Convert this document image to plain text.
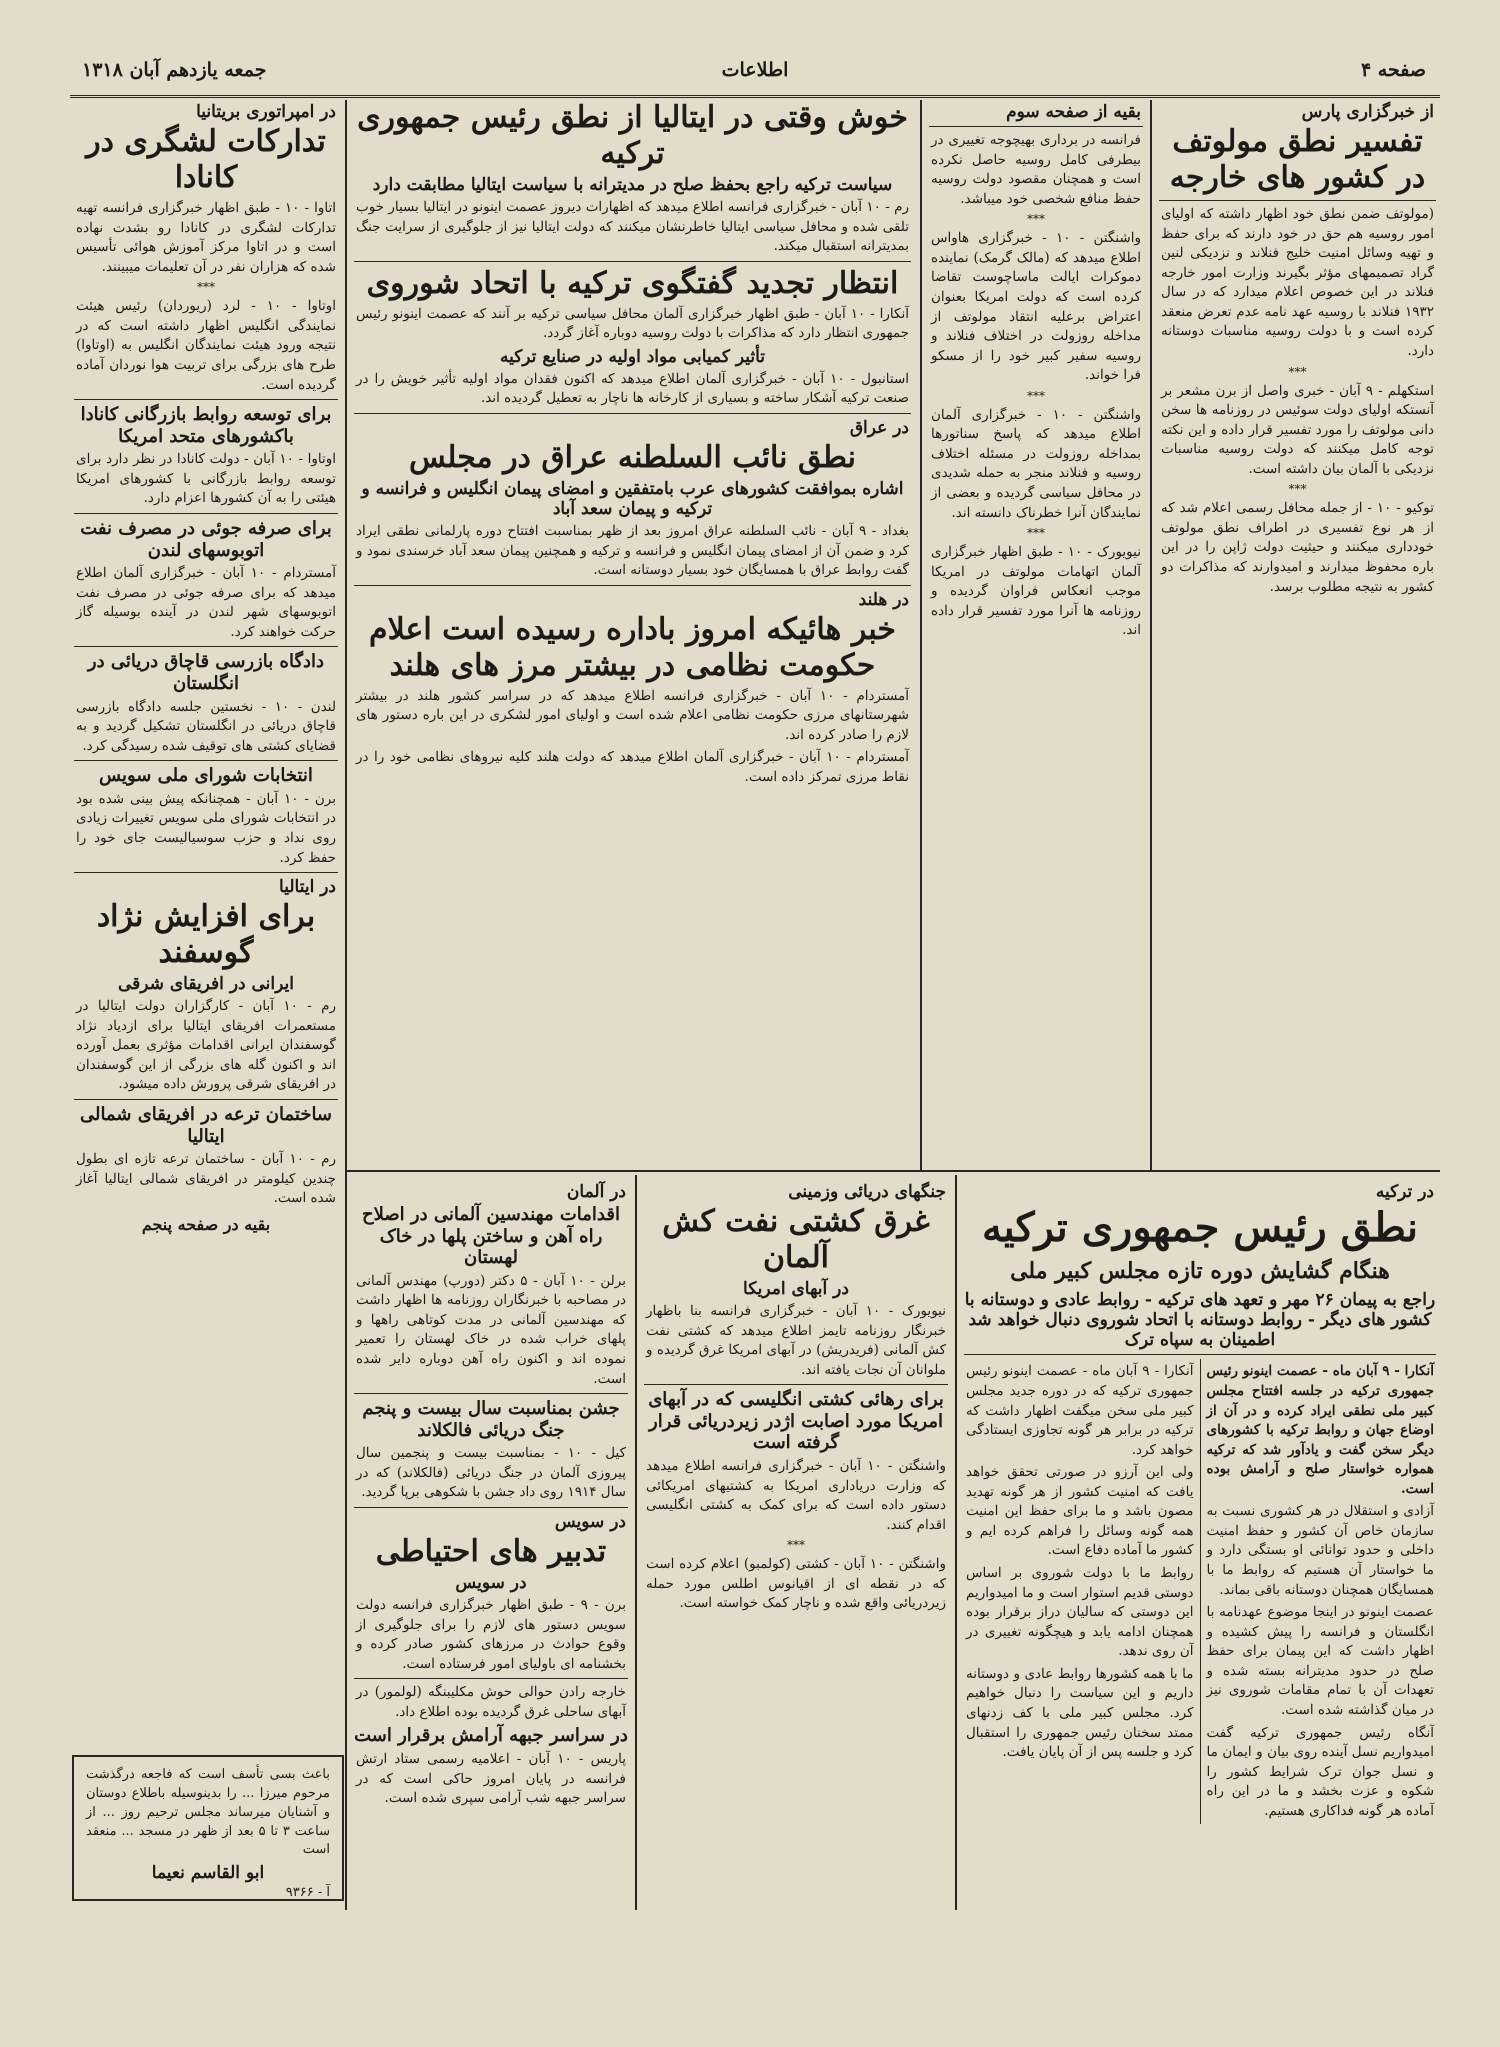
صفحه ۴
اطلاعات
جمعه یازدهم آبان ۱۳۱۸
از خبرگزاری پارس
تفسیر نطق مولوتف در کشور های خارجه

(مولوتف ضمن نطق خود اظهار داشته که اولیای امور روسیه هم حق در خود دارند که برای حفظ و تهیه وسائل امنیت خلیج فنلاند و نزدیکی لنین گراد تصمیمهای مؤثر بگیرند وزارت امور خارجه فنلاند در این خصوص اعلام میدارد که در سال ۱۹۳۲ فنلاند با روسیه عهد نامه عدم تعرض منعقد کرده است و با دولت روسیه مناسبات دوستانه دارد.

***

استکهلم - ۹ آبان - خبری واصل از برن مشعر بر آنستکه اولیای دولت سوئیس در روزنامه ها سخن دانی مولوتف را مورد تفسیر قرار داده و این نکته توجه کامل میکنند که دولت روسیه مناسبات نزدیکی با آلمان بیان داشته است.

***

توکیو - ۱۰ - از جمله محافل رسمی اعلام شد که از هر نوع تفسیری در اطراف نطق مولوتف خودداری میکنند و حیثیت دولت ژاپن را در این باره محفوظ میدارند و امیدوارند که مذاکرات دو کشور به نتیجه مطلوب برسد.

بقیه از صفحه سوم

فرانسه در برداری بهیچوجه تغییری در بیطرفی کامل روسیه حاصل نکرده است و همچنان مقصود دولت روسیه حفظ منافع شخصی خود میباشد.

***

واشنگتن - ۱۰ - خبرگزاری هاواس اطلاع میدهد که (مالک گرمک) نماینده دموکرات ایالت ماساچوست تقاضا کرده است که دولت امریکا بعنوان اعتراض برعلیه انتقاد مولوتف از مداخله روزولت در اختلاف فنلاند و روسیه سفیر کبیر خود را از مسکو فرا خواند.

***

واشنگتن - ۱۰ - خبرگزاری آلمان اطلاع میدهد که پاسخ سناتورها بمداخله روزولت در مسئله اختلاف روسیه و فنلاند منجر به حمله شدیدی در محافل سیاسی گردیده و بعضی از نمایندگان آنرا خطرناک دانسته اند.

***

نیویورک - ۱۰ - طبق اظهار خبرگزاری آلمان اتهامات مولوتف در امریکا موجب انعکاس فراوان گردیده و روزنامه ها آنرا مورد تفسیر قرار داده اند.

در ترکیه
نطق رئیس جمهوری ترکیه
هنگام گشایش دوره تازه مجلس کبیر ملی
راجع به پیمان ۲۶ مهر و تعهد های ترکیه - روابط عادی و دوستانه با کشور های دیگر - روابط دوستانه با اتحاد شوروی دنبال خواهد شد اطمینان به سپاه ترک

آنکارا - ۹ آبان ماه - عصمت اینونو رئیس جمهوری ترکیه در جلسه افتتاح مجلس کبیر ملی نطقی ایراد کرده و در آن از اوضاع جهان و روابط ترکیه با کشورهای دیگر سخن گفت و یادآور شد که ترکیه همواره خواستار صلح و آرامش بوده است.

آزادی و استقلال در هر کشوری نسبت به سازمان خاص آن کشور و حفظ امنیت داخلی و حدود توانائی او بستگی دارد و ما خواستار آن هستیم که روابط ما با همسایگان همچنان دوستانه باقی بماند.

عصمت اینونو در اینجا موضوع عهدنامه با انگلستان و فرانسه را پیش کشیده و اظهار داشت که این پیمان برای حفظ صلح در حدود مدیترانه بسته شده و تعهدات آن با تمام مقامات شوروی نیز در میان گذاشته شده است.

آنگاه رئیس جمهوری ترکیه گفت امیدواریم نسل آینده روی بیان و ایمان ما و نسل جوان ترک شرایط کشور را شکوه و عزت بخشد و ما در این راه آماده هر گونه فداکاری هستیم.

آنکارا - ۹ آبان ماه - عصمت اینونو رئیس جمهوری ترکیه که در دوره جدید مجلس کبیر ملی سخن میگفت اظهار داشت که ترکیه در برابر هر گونه تجاوزی ایستادگی خواهد کرد.

ولی این آرزو در صورتی تحقق خواهد یافت که امنیت کشور از هر گونه تهدید مصون باشد و ما برای حفظ این امنیت همه گونه وسائل را فراهم کرده ایم و کشور ما آماده دفاع است.

روابط ما با دولت شوروی بر اساس دوستی قدیم استوار است و ما امیدواریم این دوستی که سالیان دراز برقرار بوده همچنان ادامه یابد و هیچگونه تغییری در آن روی ندهد.

ما با همه کشورها روابط عادی و دوستانه داریم و این سیاست را دنبال خواهیم کرد. مجلس کبیر ملی با کف زدنهای ممتد سخنان رئیس جمهوری را استقبال کرد و جلسه پس از آن پایان یافت.

خوش وقتی در ایتالیا از نطق رئیس جمهوری ترکیه
سیاست ترکیه راجع بحفظ صلح در مدیترانه با سیاست ایتالیا مطابقت دارد

رم - ۱۰ آبان - خبرگزاری فرانسه اطلاع میدهد که اظهارات دیروز عصمت اینونو در ایتالیا بسیار خوب تلقی شده و محافل سیاسی ایتالیا خاطرنشان میکنند که دولت ایتالیا نیز از جلوگیری از سرایت جنگ بمدیترانه استقبال میکند.

انتظار تجدید گفتگوی ترکیه با اتحاد شوروی

آنکارا - ۱۰ آبان - طبق اظهار خبرگزاری آلمان محافل سیاسی ترکیه بر آنند که عصمت اینونو رئیس جمهوری انتظار دارد که مذاکرات با دولت روسیه دوباره آغاز گردد.

تأثیر کمیابی مواد اولیه در صنایع ترکیه

استانبول - ۱۰ آبان - خبرگزاری آلمان اطلاع میدهد که اکنون فقدان مواد اولیه تأثیر خویش را در صنعت ترکیه آشکار ساخته و بسیاری از کارخانه ها ناچار به تعطیل گردیده اند.

در عراق
نطق نائب السلطنه عراق در مجلس
اشاره بموافقت کشورهای عرب بامتفقین و امضای پیمان انگلیس و فرانسه و ترکیه و پیمان سعد آباد

بغداد - ۹ آبان - نائب السلطنه عراق امروز بعد از ظهر بمناسبت افتتاح دوره پارلمانی نطقی ایراد کرد و ضمن آن از امضای پیمان انگلیس و فرانسه و ترکیه و همچنین پیمان سعد آباد خرسندی نمود و گفت روابط عراق با همسایگان خود بسیار دوستانه است.

در هلند
خبر هائیکه امروز باداره رسیده است اعلام حکومت نظامی در بیشتر مرز های هلند

آمستردام - ۱۰ آبان - خبرگزاری فرانسه اطلاع میدهد که در سراسر کشور هلند در بیشتر شهرستانهای مرزی حکومت نظامی اعلام شده است و اولیای امور لشکری در این باره دستور های لازم را صادر کرده اند.

آمستردام - ۱۰ آبان - خبرگزاری آلمان اطلاع میدهد که دولت هلند کلیه نیروهای نظامی خود را در نقاط مرزی تمرکز داده است.

جنگهای دریائی وزمینی
غرق کشتی نفت کش آلمان
در آبهای امریکا

نیویورک - ۱۰ آبان - خبرگزاری فرانسه بنا باظهار خبرنگار روزنامه تایمز اطلاع میدهد که کشتی نفت کش آلمانی (فریدریش) در آبهای امریکا غرق گردیده و ملوانان آن نجات یافته اند.

برای رهائی کشتی انگلیسی که در آبهای امریکا مورد اصابت اژدر زیردریائی قرار گرفته است

واشنگتن - ۱۰ آبان - خبرگزاری فرانسه اطلاع میدهد که وزارت دریاداری امریکا به کشتیهای امریکائی دستور داده است که برای کمک به کشتی انگلیسی اقدام کنند.

***

واشنگتن - ۱۰ آبان - کشتی (کولمبو) اعلام کرده است که در نقطه ای از اقیانوس اطلس مورد حمله زیردریائی واقع شده و ناچار کمک خواسته است.

در آلمان
اقدامات مهندسین آلمانی در اصلاح راه آهن و ساختن پلها در خاک لهستان

برلن - ۱۰ آبان - ۵ دکتر (دورپ) مهندس آلمانی در مصاحبه با خبرنگاران روزنامه ها اظهار داشت که مهندسین آلمانی در مدت کوتاهی راهها و پلهای خراب شده در خاک لهستان را تعمیر نموده اند و اکنون راه آهن دوباره دایر شده است.

جشن بمناسبت سال بیست و پنجم جنگ دریائی فالکلاند

کیل - ۱۰ - بمناسبت بیست و پنجمین سال پیروزی آلمان در جنگ دریائی (فالکلاند) که در سال ۱۹۱۴ روی داد جشن با شکوهی برپا گردید.

در سویس
تدبیر های احتیاطی
در سویس

برن - ۹ - طبق اظهار خبرگزاری فرانسه دولت سویس دستور های لازم را برای جلوگیری از وقوع حوادث در مرزهای کشور صادر کرده و بخشنامه ای باولیای امور فرستاده است.

خارجه رادن حوالی حوش مکلیبنگه (لولمور) در آبهای ساحلی غرق گردیده بوده اطلاع داد.

در سراسر جبهه آرامش برقرار است

پاریس - ۱۰ آبان - اعلامیه رسمی ستاد ارتش فرانسه در پایان امروز حاکی است که در سراسر جبهه شب آرامی سپری شده است.

در امپراتوری بریتانیا
تدارکات لشگری در کانادا

اتاوا - ۱۰ - طبق اظهار خبرگزاری فرانسه تهیه تدارکات لشگری در کانادا رو بشدت نهاده است و در اتاوا مرکز آموزش هوائی تأسیس شده که هزاران نفر در آن تعلیمات میبینند.

***

اوتاوا - ۱۰ - لرد (ریوردان) رئیس هیئت نمایندگی انگلیس اظهار داشته است که در نتیجه ورود هیئت نمایندگان انگلیس به (اوتاوا) طرح های بزرگی برای تربیت هوا نوردان آماده گردیده است.

برای توسعه روابط بازرگانی کانادا باکشورهای متحد امریکا

اوتاوا - ۱۰ آبان - دولت کانادا در نظر دارد برای توسعه روابط بازرگانی با کشورهای امریکا هیئتی را به آن کشورها اعزام دارد.

برای صرفه جوئی در مصرف نفت اتوبوسهای لندن

آمستردام - ۱۰ آبان - خبرگزاری آلمان اطلاع میدهد که برای صرفه جوئی در مصرف نفت اتوبوسهای شهر لندن در آینده بوسیله گاز حرکت خواهند کرد.

دادگاه بازرسی قاچاق دریائی در انگلستان

لندن - ۱۰ - نخستین جلسه دادگاه بازرسی قاچاق دریائی در انگلستان تشکیل گردید و به قضایای کشتی های توقیف شده رسیدگی کرد.

انتخابات شورای ملی سویس

برن - ۱۰ آبان - همچنانکه پیش بینی شده بود در انتخابات شورای ملی سویس تغییرات زیادی روی نداد و حزب سوسیالیست جای خود را حفظ کرد.

در ایتالیا
برای افزایش نژاد گوسفند
ایرانی در افریقای شرقی

رم - ۱۰ آبان - کارگزاران دولت ایتالیا در مستعمرات افریقای ایتالیا برای ازدیاد نژاد گوسفندان ایرانی اقدامات مؤثری بعمل آورده اند و اکنون گله های بزرگی از این گوسفندان در افریقای شرقی پرورش داده میشود.

ساختمان ترعه در افریقای شمالی ایتالیا

رم - ۱۰ آبان - ساختمان ترعه تازه ای بطول چندین کیلومتر در افریقای شمالی ایتالیا آغاز شده است.

بقیه در صفحه پنجم

باعث بسی تأسف است که فاجعه درگذشت مرحوم میرزا ... را بدینوسیله باطلاع دوستان و آشنایان میرساند مجلس ترحیم روز ... از ساعت ۳ تا ۵ بعد از ظهر در مسجد ... منعقد است

ابو القاسم نعیما
آ - ۹۳۶۶
